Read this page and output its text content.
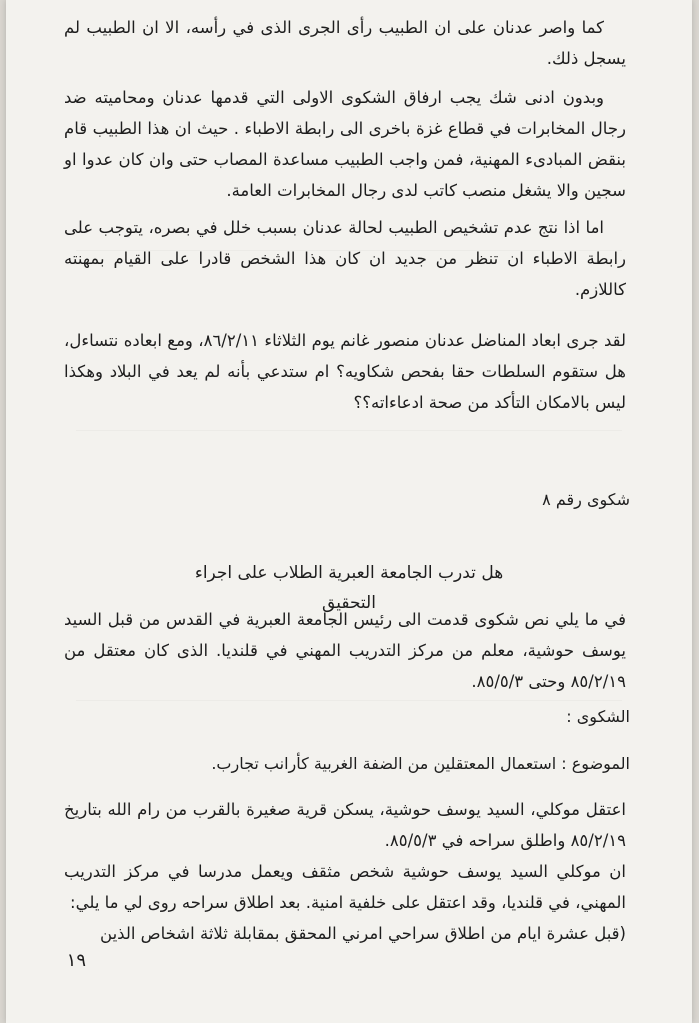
كما واصر عدنان على ان الطبيب رأى الجرى الذى في رأسه، الا ان الطبيب لم يسجل ذلك.

وبدون ادنى شك يجب ارفاق الشكوى الاولى التي قدمها عدنان ومحاميته ضد رجال المخابرات في قطاع غزة باخرى الى رابطة الاطباء . حيث ان هذا الطبيب قام بنقض المبادىء المهنية، فمن واجب الطبيب مساعدة المصاب حتى وان كان عدوا او سجين والا يشغل منصب كاتب لدى رجال المخابرات العامة.

اما اذا نتج عدم تشخيص الطبيب لحالة عدنان بسبب خلل في بصره، يتوجب على رابطة الاطباء ان تنظر من جديد ان كان هذا الشخص قادرا على القيام بمهنته كاللازم.

لقد جرى ابعاد المناضل عدنان منصور غانم يوم الثلاثاء ٨٦/٢/١١، ومع ابعاده نتساءل، هل ستقوم السلطات حقا بفحص شكاويه؟ ام ستدعي بأنه لم يعد في البلاد وهكذا ليس بالامكان التأكد من صحة ادعاءاته؟؟

شكوى رقم ٨
هل تدرب الجامعة العبرية الطلاب على اجراء التحقيق

في ما يلي نص شكوى قدمت الى رئيس الجامعة العبرية في القدس من قبل السيد يوسف حوشية، معلم من مركز التدريب المهني في قلنديا. الذى كان معتقل من ٨٥/٢/١٩ وحتى ٨٥/٥/٣.

الشكوى :
الموضوع : استعمال المعتقلين من الضفة الغربية كأرانب تجارب.

اعتقل موكلي، السيد يوسف حوشية، يسكن قرية صغيرة بالقرب من رام الله بتاريخ ٨٥/٢/١٩ واطلق سراحه في ٨٥/٥/٣.

ان موكلي السيد يوسف حوشية شخص مثقف ويعمل مدرسا في مركز التدريب المهني، في قلنديا، وقد اعتقل على خلفية امنية. بعد اطلاق سراحه روى لي ما يلي:

(قبل عشرة ايام من اطلاق سراحي امرني المحقق بمقابلة ثلاثة اشخاص الذين

١٩
